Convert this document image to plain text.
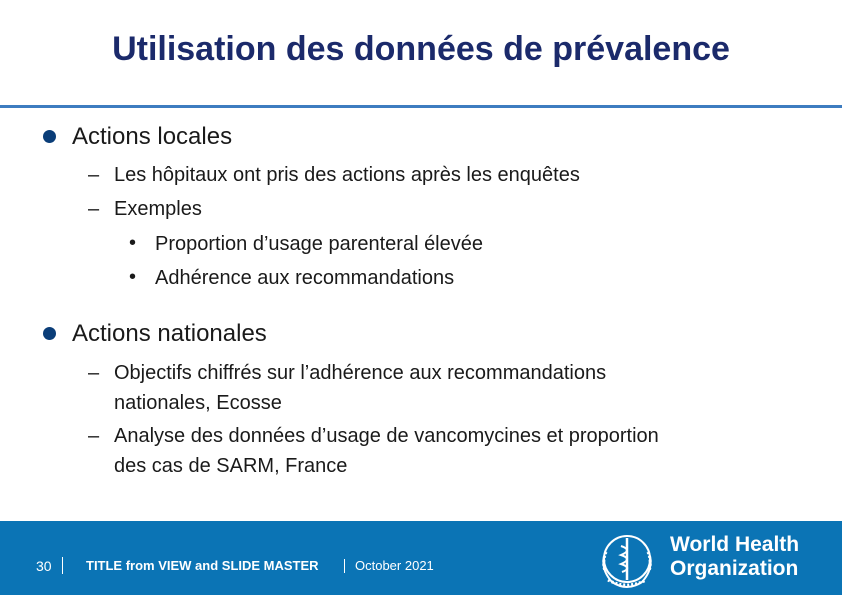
Utilisation des données de prévalence
Actions locales
– Les hôpitaux ont pris des actions après les enquêtes
– Exemples
• Proportion d’usage parenteral élevée
• Adhérence aux recommandations
Actions nationales
– Objectifs chiffrés sur l’adhérence aux recommandations
nationales, Ecosse
– Analyse des données d’usage de vancomycines et proportion
des cas de SARM, France
30	TITLE from VIEW and SLIDE MASTER	October 2021
World Health
Organization
